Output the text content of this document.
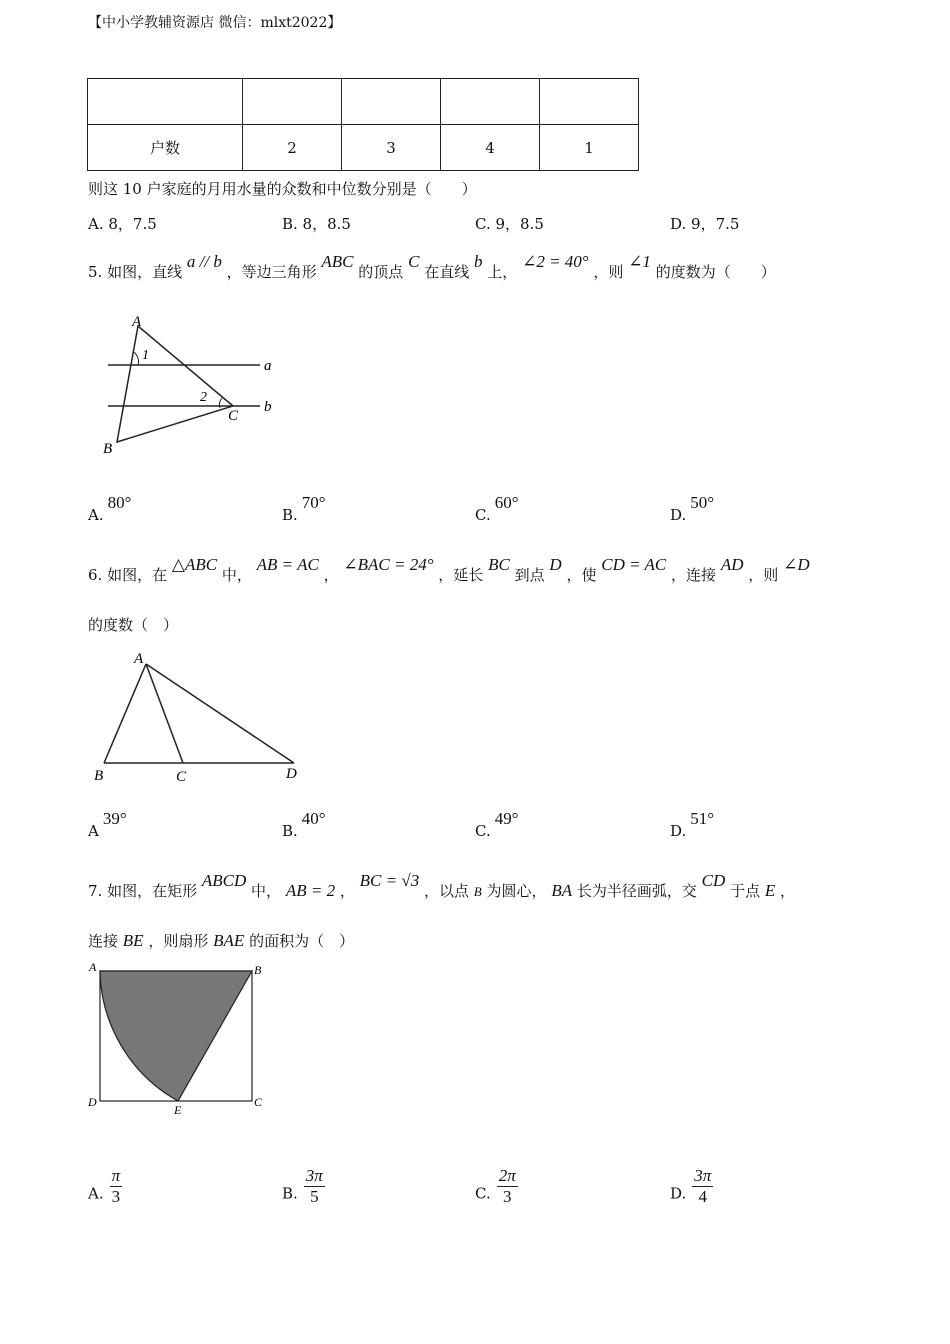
【中小学教辅资源店 微信：mlxt2022】

户数	2	3	4	1
则这 10 户家庭的月用水量的众数和中位数分别是（　　）
A. 8，7.5	B. 8，8.5	C. 9，8.5	D. 9，7.5
5. 如图，直线 a // b ，等边三角形 ABC 的顶点 C 在直线 b 上， ∠2 = 40° ，则 ∠1 的度数为（　　）
A
B
C
a
b
1
2
A.80°
B.70°
C.60°
D.50°
6. 如图，在 △ABC 中， AB = AC ， ∠BAC = 24° ，延长 BC 到点 D ，使 CD = AC ，连接 AD ，则 ∠D
的度数（　）
A
B	C	D
A39°
B.40°
C.49°
D.51°
7. 如图，在矩形 ABCD 中， AB = 2 ， BC = √3 ，以点 B 为圆心， BA 长为半径画弧，交 CD 于点 E ，
连接 BE ，则扇形 BAE 的面积为（　）
A	B
C
D
E
A. $\frac{\pi}{3}$	B. $\frac{3\pi}{5}$	C. $\frac{2\pi}{3}$	D. $\frac{3\pi}{4}$
